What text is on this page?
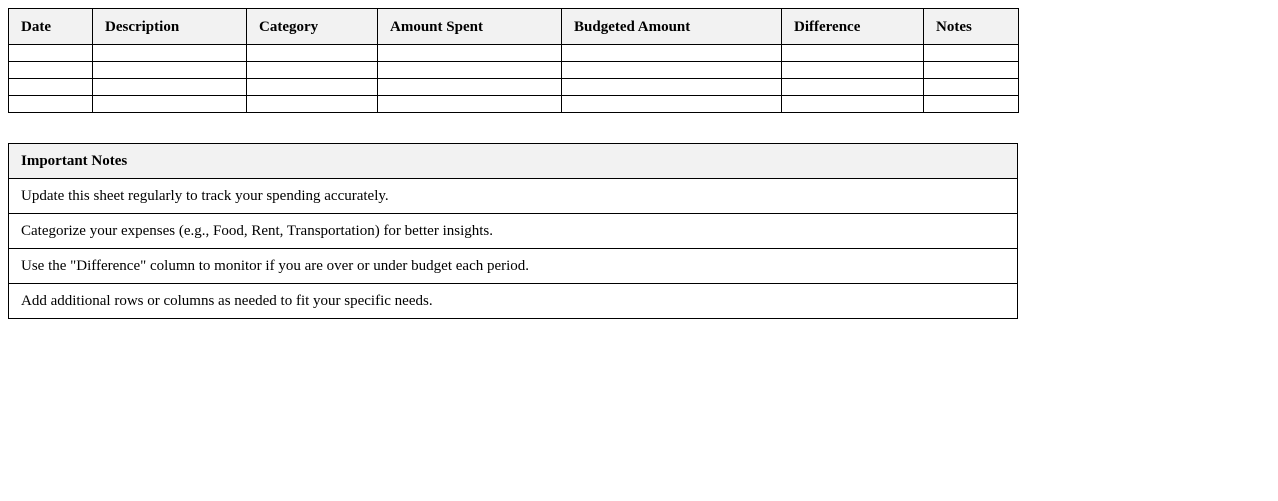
Date	Description	Category	Amount Spent	Budgeted Amount	Difference	Notes

Important Notes
Update this sheet regularly to track your spending accurately.
Categorize your expenses (e.g., Food, Rent, Transportation) for better insights.
Use the "Difference" column to monitor if you are over or under budget each period.
Add additional rows or columns as needed to fit your specific needs.
